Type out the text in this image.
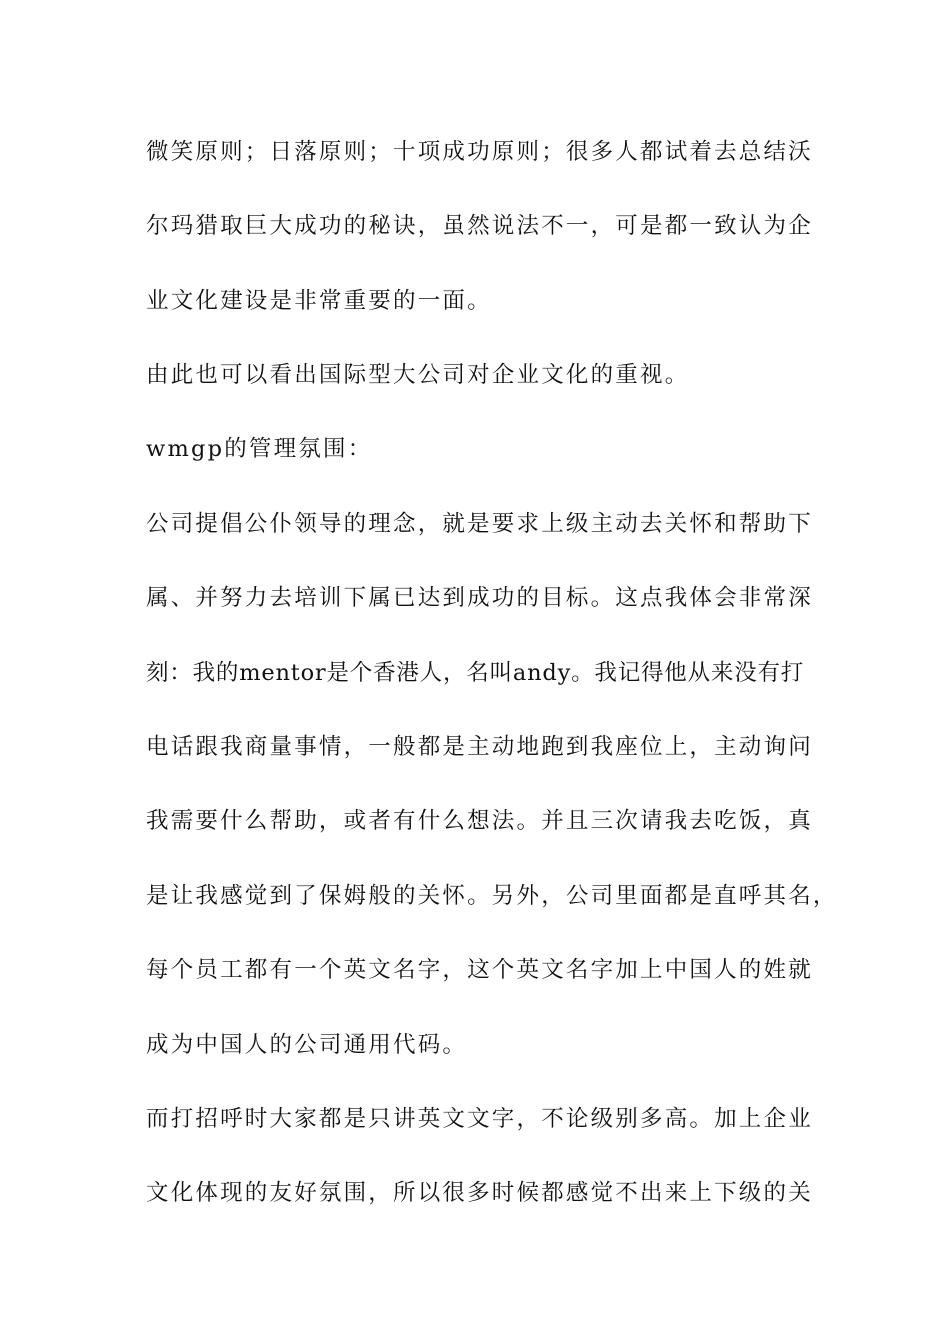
微笑原则；日落原则；十项成功原则；很多人都试着去总结沃
尔玛猎取巨大成功的秘诀，虽然说法不一，可是都一致认为企
业文化建设是非常重要的一面。
由此也可以看出国际型大公司对企业文化的重视。
wmgp的管理氛围：
公司提倡公仆领导的理念，就是要求上级主动去关怀和帮助下
属、并努力去培训下属已达到成功的目标。这点我体会非常深
刻：我的mentor是个香港人，名叫andy。我记得他从来没有打
电话跟我商量事情，一般都是主动地跑到我座位上，主动询问
我需要什么帮助，或者有什么想法。并且三次请我去吃饭，真
是让我感觉到了保姆般的关怀。另外，公司里面都是直呼其名，
每个员工都有一个英文名字，这个英文名字加上中国人的姓就
成为中国人的公司通用代码。
而打招呼时大家都是只讲英文文字，不论级别多高。加上企业
文化体现的友好氛围，所以很多时候都感觉不出来上下级的关
